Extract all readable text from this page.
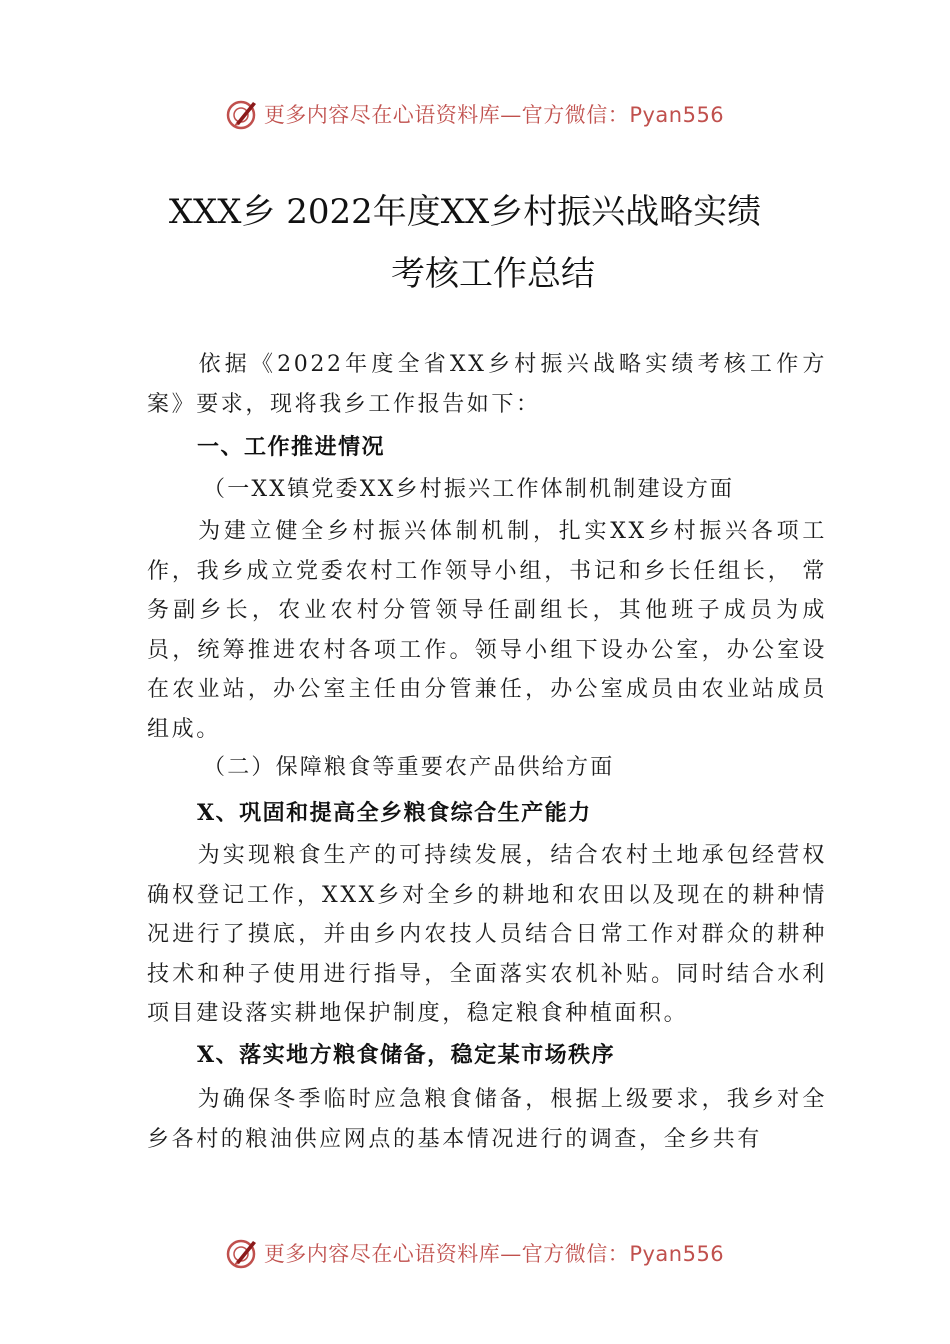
更多内容尽在心语资料库—官方微信：Pyan556
XXX乡 2022年度XX乡村振兴战略实绩
考核工作总结
依据《2022年度全省XX乡村振兴战略实绩考核工作方案》要求，现将我乡工作报告如下：
一、工作推进情况
（一XX镇党委XX乡村振兴工作体制机制建设方面
为建立健全乡村振兴体制机制，扎实XX乡村振兴各项工作，我乡成立党委农村工作领导小组，书记和乡长任组长， 常务副乡长，农业农村分管领导任副组长，其他班子成员为成员，统筹推进农村各项工作。领导小组下设办公室，办公室设在农业站，办公室主任由分管兼任，办公室成员由农业站成员组成。
（二）保障粮食等重要农产品供给方面
X、巩固和提高全乡粮食综合生产能力
为实现粮食生产的可持续发展，结合农村土地承包经营权确权登记工作，XXX乡对全乡的耕地和农田以及现在的耕种情况进行了摸底，并由乡内农技人员结合日常工作对群众的耕种技术和种子使用进行指导，全面落实农机补贴。同时结合水利项目建设落实耕地保护制度，稳定粮食种植面积。
X、落实地方粮食储备，稳定某市场秩序
为确保冬季临时应急粮食储备，根据上级要求，我乡对全乡各村的粮油供应网点的基本情况进行的调查，全乡共有
更多内容尽在心语资料库—官方微信：Pyan556
